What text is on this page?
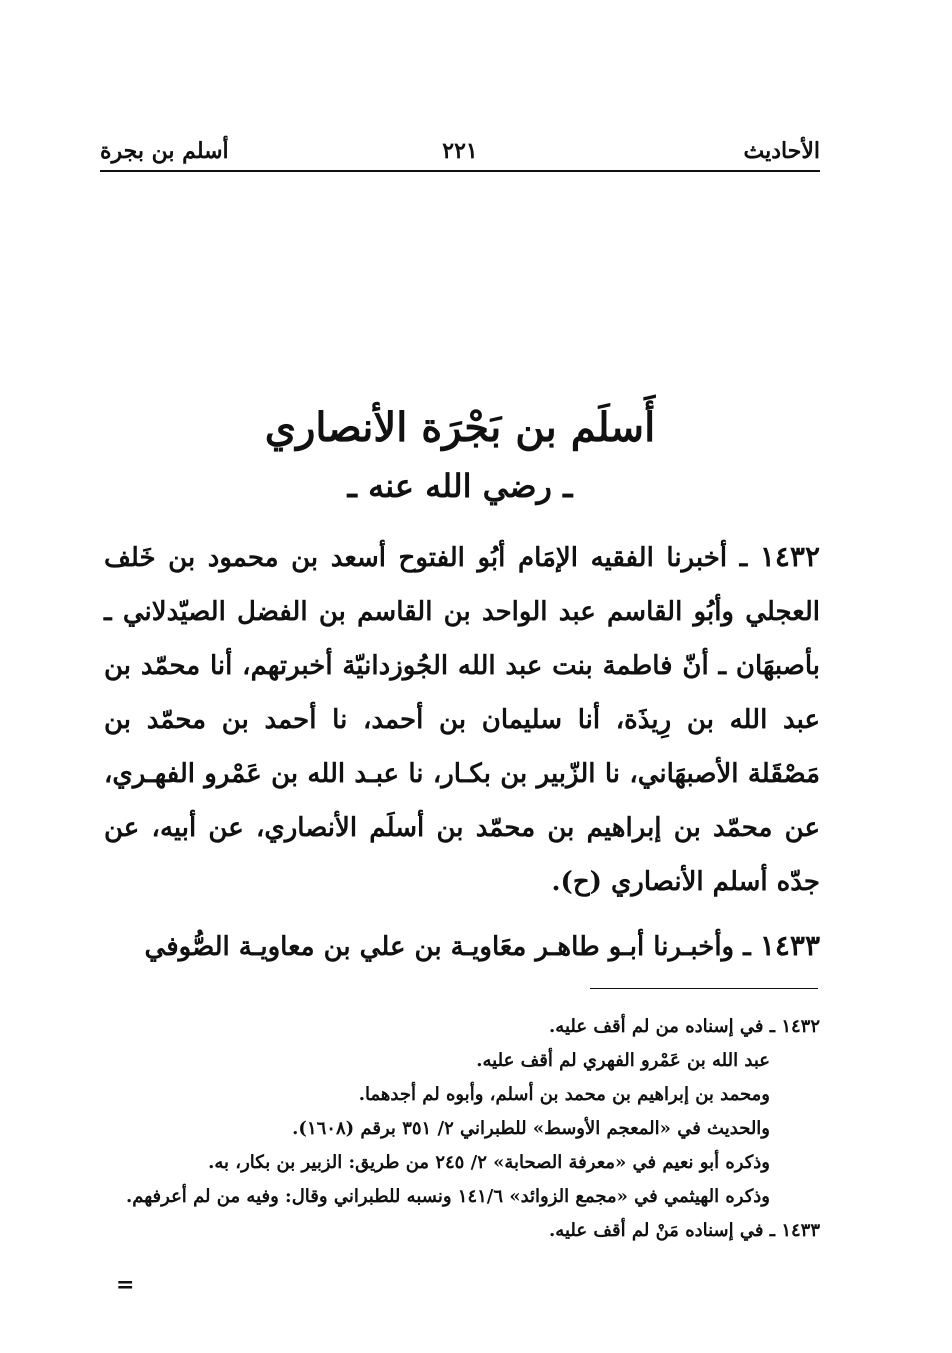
الأحاديث
٢٢١
أسلم بن بجرة
أَسلَم بن بَجْرَة الأنصاري
ـ رضي الله عنه ـ

١٤٣٢ ـ أخبرنا الفقيه الإمَام أبُو الفتوح أسعد بن محمود بن خَلف العجلي وأبُو القاسم عبد الواحد بن القاسم بن الفضل الصيّدلاني ـ بأصبهَان ـ أنّ فاطمة بنت عبد الله الجُوزدانيّة أخبرتهم، أنا محمّد بن عبد الله بن رِيذَة، أنا سليمان بن أحمد، نا أحمد بن محمّد بن مَصْقَلة الأصبهَاني، نا الزّبير بن بكـار، نا عبـد الله بن عَمْرو الفهـري، عن محمّد بن إبراهيم بن محمّد بن أسلَم الأنصاري، عن أبيه، عن جدّه أسلم الأنصاري (ح).

١٤٣٣ ـ وأخبـرنا أبـو طاهـر معَاويـة بن علي بن معاويـة الصُّوفي

١٤٣٢ ـ في إسناده من لم أقف عليه.
عبد الله بن عَمْرو الفهري لم أقف عليه.
ومحمد بن إبراهيم بن محمد بن أسلم، وأبوه لم أجدهما.
والحديث في «المعجم الأوسط» للطبراني ٢/ ٣٥١ برقم (١٦٠٨).
وذكره أبو نعيم في «معرفة الصحابة» ٢/ ٢٤٥ من طريق: الزبير بن بكار، به.
وذكره الهيثمي في «مجمع الزوائد» ١٤١/٦ ونسبه للطبراني وقال: وفيه من لم أعرفهم.
١٤٣٣ ـ في إسناده مَنْ لم أقف عليه.
=
